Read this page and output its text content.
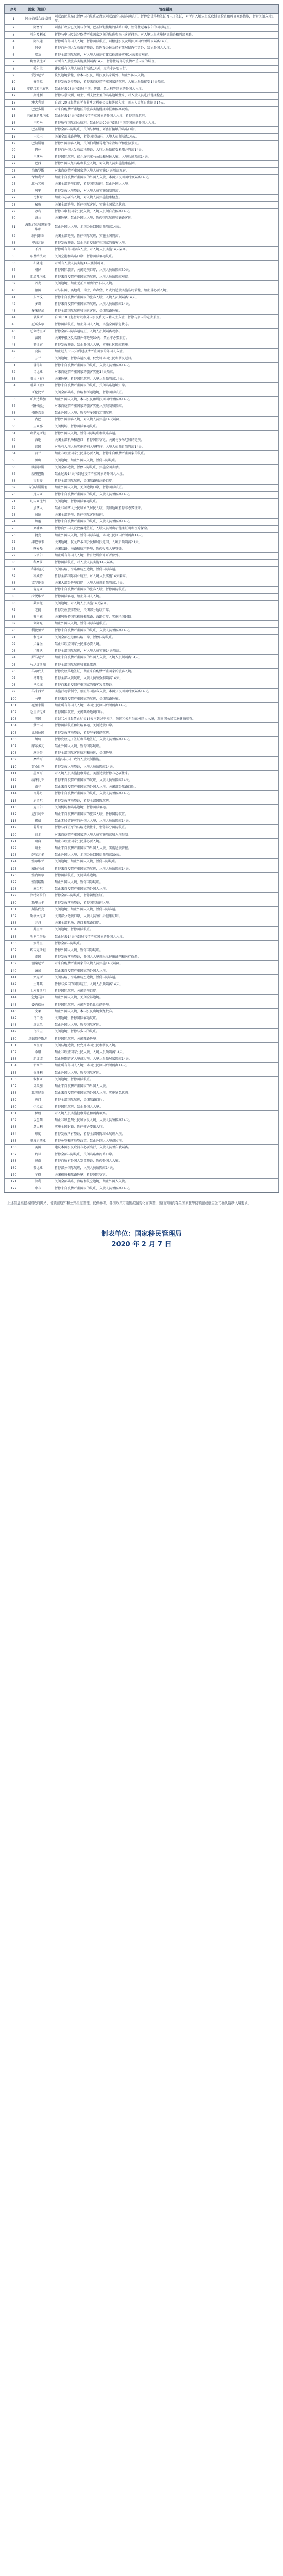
序号	国家（地区）	管控措施
1	阿拉伯联合酋长国	阿联酋民航局已暂停国内航班及往返阿联酋的国际客运航班，暂停发放落地签证及电子签证，对所有入境人员采取健康检查和隔离观察措施，暂时关闭入境口岸。
2	阿富汗	阿富汗政府已关闭与伊朗、巴基斯坦接壤的陆路口岸，暂停往返喀布尔的国际航班。
3	阿尔及利亚	暂停与中国及部分疫情严重国家之间的航班和海上客运往来，对入境人员实施健康筛查和隔离观察。
4	阿根廷	暂停所有外国人入境，暂停国际航班，阿根廷公民及居民回国后须居家隔离14天。
5	阿曼	暂停向外国人发放旅游签证，除阿曼公民及持有效居留许可者外，禁止外国人入境。
6	埃及	暂停全部国际航班，对入境人员进行体温检测并实施14天隔离观察。
7	埃塞俄比亚	对所有入境旅客实施强制隔离14天，暂停往返部分疫情严重国家的航班。
8	爱尔兰	建议所有入境人员自行隔离14天，取消非必要出行。
9	爱沙尼亚	恢复边境管控，除本国公民、居民及其家属外，禁止外国人入境。
10	安哥拉	暂停发放各类签证，暂停来自疫情严重国家的航班，入境人员须接受14天隔离。
11	安提瓜和巴布达	禁止过去28天内到过中国、伊朗、意大利等国家的外国人入境。
12	奥地利	暂停与意大利、瑞士、列支敦士登的陆路边境往来，对入境人员进行健康检查。
13	澳大利亚	自3月20日起禁止所有非澳大利亚公民和居民入境，回国人员须自我隔离14天。
14	巴巴多斯	对来自疫情严重地区的旅客实施健康申报和隔离观察。
15	巴布亚新几内亚	禁止过去14天内到过疫情严重国家的外国人入境，暂停国际航班。
16	巴哈马	暂停所有国际商业航班，禁止过去20天内到过中国等国家的外国人入境。
17	巴基斯坦	暂停全部国际航班，关闭与伊朗、阿富汗接壤的陆路口岸。
18	巴拉圭	关闭全部陆路边境，暂停国际航班，入境人员须隔离14天。
19	巴勒斯坦	暂停外国游客入境，关闭伯利恒等地的宗教场所和旅游景点。
20	巴林	暂停向外国人发放落地签证，入境人员须接受检测并隔离14天。
21	巴拿马	暂停国际航班，仅允许巴拿马公民和居民入境，入境后须隔离14天。
22	巴西	暂停外国人经陆路和航空入境，对入境人员实施健康监测。
23	白俄罗斯	对来自疫情严重国家的入境人员实施14天隔离观察。
24	保加利亚	禁止来自疫情严重国家的外国人入境，本国公民回国后须隔离14天。
25	北马其顿	关闭全部边境口岸，暂停国际航班，禁止外国人入境。
26	贝宁	暂停发放入境签证，对入境人员实施强制隔离。
27	比利时	禁止非必要出入境，对入境人员实施健康检查。
28	秘鲁	关闭全部边境，暂停国际客运，实施全国紧急状态。
29	冰岛	暂停非申根国家公民入境，入境人员须自我隔离14天。
30	波兰	关闭边境，禁止外国人入境，暂停国际航班和铁路客运。
31	波斯尼亚和黑塞哥维那	禁止外国人入境，本国公民回国后须隔离14天。
32	玻利维亚	关闭全部边境，暂停国际航班，实施全国隔离。
33	博茨瓦纳	暂停发放签证，禁止来自疫情严重国家的旅客入境。
34	不丹	暂停所有外国游客入境，对入境人员实施14天隔离。
35	布基纳法索	关闭空港和陆路口岸，暂停国际客运航班。
36	布隆迪	对所有入境人员实施14天强制隔离。
37	朝鲜	暂停国际旅游，关闭边境口岸，入境人员须隔离30天。
38	赤道几内亚	暂停来自疫情严重国家的航班，入境人员须隔离观察。
39	丹麦	关闭边境，禁止无正当理由的外国人入境。
40	德国	对与法国、奥地利、瑞士、卢森堡、丹麦的边境实施临时管控，禁止非必要入境。
41	东帝汶	暂停来自疫情严重国家的旅客入境，入境人员须隔离14天。
42	多哥	暂停来自疫情严重国家的航班，入境人员须隔离14天。
43	多米尼加	暂停全部国际航班和海运客运，关闭陆路边境。
44	俄罗斯	自3月18日起暂时限制外国公民和无国籍人士入境，暂停与多国的定期航班。
45	厄瓜多尔	暂停国际航班，禁止外国人入境，实施全国紧急状态。
46	厄立特里亚	暂停全部国际客运航班，入境人员须隔离观察。
47	法国	关闭申根区及欧盟外部边境30天，禁止非必要旅行。
48	菲律宾	暂停发放签证，禁止外国人入境，实施社区隔离措施。
49	斐济	禁止过去30天内到过疫情严重国家的外国人入境。
50	芬兰	关闭边境，暂停客运交通，仅允许本国公民和居民返回。
51	佛得角	暂停来自疫情严重国家的航班，入境人员须隔离14天。
52	冈比亚	对来自疫情严重国家的旅客实施14天隔离。
53	刚果（布）	关闭边境，暂停国际航班，入境人员须隔离14天。
54	刚果（金）	暂停来自疫情严重国家的航班，关闭陆路边境口岸。
55	哥伦比亚	关闭全部陆路、海路和河运边境，暂停国际航班。
56	哥斯达黎加	禁止外国人入境，本国公民和居民回国后须隔离14天。
57	格林纳达	对来自疫情严重国家的旅客实施入境限制和隔离。
58	格鲁吉亚	禁止外国人入境，暂停与多国的定期航班。
59	古巴	暂停外国游客入境，对入境人员实施14天隔离。
60	圭亚那	关闭机场，暂停国际客运航班。
61	哈萨克斯坦	暂停外国人入境，暂停国际航班和铁路客运。
62	海地	关闭全部机场和港口，暂停国际客运，关闭与多米尼加的边境。
63	韩国	对所有入境人员实施特别入境程序，入境人员须自我隔离14天。
64	荷兰	禁止非欧盟国家公民非必要入境，暂停来自疫情严重国家的航班。
65	黑山	关闭边境，禁止外国人入境，暂停国际航班。
66	洪都拉斯	关闭全部边境，暂停国际航班，实施全国宵禁。
67	基里巴斯	禁止过去14天内到过疫情严重国家的外国人入境。
68	吉布提	暂停全部国际航班，关闭陆路和海路口岸。
69	吉尔吉斯斯坦	禁止外国人入境，关闭边境口岸，暂停国际航班。
70	几内亚	暂停来自疫情严重国家的航班，入境人员须隔离14天。
71	几内亚比绍	关闭边境，暂停国际客运航班。
72	加拿大	禁止非加拿大公民和永久居民入境，美加边境暂停非必要往来。
73	加纳	关闭全部边境，暂停国际客运航班。
74	加蓬	暂停来自疫情严重国家的航班，入境人员须隔离14天。
75	柬埔寨	暂停向外国人发放落地签证，入境人员须出示健康证明和医疗保险。
76	捷克	禁止外国人入境，暂停国际客运，本国公民回国后须隔离14天。
77	津巴布韦	关闭边境，仅允许本国公民和居民返回，入境后须隔离21天。
78	喀麦隆	关闭陆路、海路和航空边境，暂停发放入境签证。
79	卡塔尔	禁止所有外国人入境，持有效居留许可者除外。
80	科摩罗	暂停国际航班，对入境人员实施14天隔离。
81	科特迪瓦	关闭陆路、海路和航空边境，暂停国际客运。
82	科威特	暂停全部国际商业航班，对入境人员实施14天隔离。
83	克罗地亚	关闭大部分边境口岸，入境人员须自我隔离14天。
84	肯尼亚	暂停来自疫情严重国家的旅客入境，暂停国际航班。
85	拉脱维亚	暂停国际客运，禁止外国人入境。
86	莱索托	关闭边境，对入境人员实施14天隔离。
87	老挝	暂停发放旅游签证，关闭部分边境口岸。
88	黎巴嫩	关闭贝鲁特国际机场和陆路、海路口岸，实施全国封锁。
89	立陶宛	禁止外国人入境，暂停国际客运航班。
90	利比里亚	暂停来自疫情严重国家的航班，入境人员须隔离14天。
91	利比亚	关闭全部空港和陆路口岸，暂停国际航班。
92	卢森堡	禁止非欧盟国家公民非必要入境。
93	卢旺达	暂停全部国际航班，对入境人员实施14天隔离。
94	罗马尼亚	禁止来自疫情严重国家的外国人入境，入境人员须隔离14天。
95	马达加斯加	暂停全部国际航班和邮轮靠港。
96	马尔代夫	暂停发放落地签证，禁止来自疫情严重国家的旅客入境。
97	马耳他	暂停全部入境航班，入境人员须强制隔离14天。
98	马拉维	暂停向来自疫情严重国家的旅客发放签证。
99	马来西亚	实施行动管制令，禁止外国游客入境，本国公民回国后须隔离14天。
100	马里	暂停来自疫情严重国家的航班，关闭陆路边境。
101	毛里求斯	禁止所有外国人入境，本国公民回国后须隔离14天。
102	毛里塔尼亚	暂停国际航班，关闭陆路边境口岸。
103	美国	自3月14日起禁止过去14天内到过申根区、英国和爱尔兰的外国人入境，对回国公民实施健康筛查。
104	蒙古国	暂停国际航班和铁路客运，关闭边境口岸。
105	孟加拉国	暂停发放落地签证，暂停与多国的航班。
106	缅甸	暂停发放电子签证和落地签证，入境人员须隔离14天。
107	摩尔多瓦	禁止外国人入境，暂停国际航班。
108	摩洛哥	暂停全部国际客运航班和海运，关闭边境。
109	摩纳哥	实施与法国一致的入境限制措施。
110	莫桑比克	暂停发放入境签证，入境人员须隔离14天。
111	墨西哥	对入境人员实施健康筛查，美墨边境暂停非必要往来。
112	纳米比亚	暂停来自疫情严重国家的航班，入境人员须隔离14天。
113	南非	禁止来自疫情严重国家的外国人入境，关闭部分陆路口岸。
114	南苏丹	暂停来自疫情严重国家的航班，入境人员须隔离14天。
115	尼泊尔	暂停发放落地签证，暂停全部国际航班。
116	尼日尔	关闭机场和陆路边境，暂停国际客运。
117	尼日利亚	禁止来自疫情严重国家的旅客入境，暂停国际航班。
118	挪威	禁止无居留许可的外国人入境，入境人员须隔离14天。
119	葡萄牙	暂停与西班牙的陆路边境往来，暂停部分国际航班。
120	日本	对来自疫情严重国家的入境人员实施隔离和入境限制。
121	瑞典	禁止非欧盟国家公民非必要入境。
122	瑞士	禁止来自疫情严重国家的外国人入境，实施边境管控。
123	萨尔瓦多	禁止外国人入境，本国公民回国后须隔离30天。
124	塞尔维亚	关闭边境，禁止外国人入境，暂停国际航班。
125	塞拉利昂	暂停来自疫情严重国家的航班，入境人员须隔离14天。
126	塞内加尔	暂停国际航班，关闭陆路边境。
127	塞浦路斯	禁止外国人入境，暂停国际航班。
128	塞舌尔	禁止来自疫情严重国家的外国人入境。
129	沙特阿拉伯	暂停全部国际航班，暂停朝觐签证。
130	斯里兰卡	暂停发放落地签证，暂停国际航班入境。
131	斯洛伐克	关闭边境，禁止外国人入境，暂停国际客运。
132	斯洛文尼亚	关闭部分边境口岸，入境人员须出示健康证明。
133	苏丹	关闭全部机场、港口和陆路口岸。
134	苏里南	关闭边境，暂停国际航班。
135	所罗门群岛	禁止过去14天内到过疫情严重国家的外国人入境。
136	索马里	暂停全部国际航班。
137	塔吉克斯坦	暂停外国人入境，暂停国际航班。
138	泰国	暂停发放落地签证，外国人入境须出示健康证明和医疗保险。
139	坦桑尼亚	对来自疫情严重国家的入境人员实施14天隔离。
140	汤加	禁止来自疫情严重国家的外国人入境。
141	突尼斯	关闭陆路、海路和航空边境，暂停国际客运。
142	土耳其	暂停与多国的国际航班，入境人员须隔离14天。
143	土库曼斯坦	暂停国际航班，关闭边境口岸。
144	危地马拉	禁止外国人入境，关闭全部边境。
145	委内瑞拉	暂停国际航班，关闭与哥伦比亚的边境。
146	文莱	禁止外国人入境，本国公民出境须经批准。
147	乌干达	关闭边境，暂停国际客运航班。
148	乌克兰	禁止外国人入境，暂停国际客运。
149	乌拉圭	关闭边境，暂停与多国的航班。
150	乌兹别克斯坦	暂停国际航班，关闭陆路边境。
151	西班牙	关闭陆地边境，仅允许本国公民和居民入境。
152	希腊	禁止非欧盟国家公民入境，入境人员须隔离14天。
153	新加坡	禁止短期访客入境或过境，入境人员须居家隔离14天。
154	新西兰	禁止所有外国人入境，本国公民回国后须隔离14天。
155	匈牙利	禁止外国人入境，暂停国际客运。
156	叙利亚	关闭边境，暂停国际航班。
157	牙买加	禁止来自疫情严重国家的外国人入境。
158	亚美尼亚	禁止来自疫情严重国家的外国人入境，实施紧急状态。
159	也门	暂停全部国际航班，关闭陆路口岸。
160	伊拉克	暂停国际航班，禁止外国人入境。
161	伊朗	对入境人员实施健康筛查和隔离观察。
162	以色列	禁止非以色列公民和居民入境，入境人员须隔离14天。
163	意大利	实施全国封锁，暂停非必要出入境。
164	印度	暂停发放所有签证，暂停全部国际商业航班入境。
165	印度尼西亚	暂停免签和落地签政策，禁止外国人入境或过境。
166	英国	建议本国公民取消非必要出行，入境人员须自我隔离。
167	约旦	暂停全部国际航班，关闭陆路和海路口岸。
168	越南	暂停向所有外国人发放签证，暂停外国人入境。
169	赞比亚	暂停部分国际航班，入境人员须隔离14天。
170	乍得	关闭机场和陆路边境，暂停国际客运。
171	智利	关闭全部陆路、海路和航空边境，禁止外国人入境。
172	中非	暂停来自疫情严重国家的航班，入境人员须隔离14天。
上述信息根据各国政府网站、使领馆通知和公开报道整理，仅供参考。各国政策可能随疫情变化而调整，出行前请向有关国家驻华使领馆或航空公司确认最新入境要求。
制表单位：国家移民管理局
2020 年 2 月 7 日
